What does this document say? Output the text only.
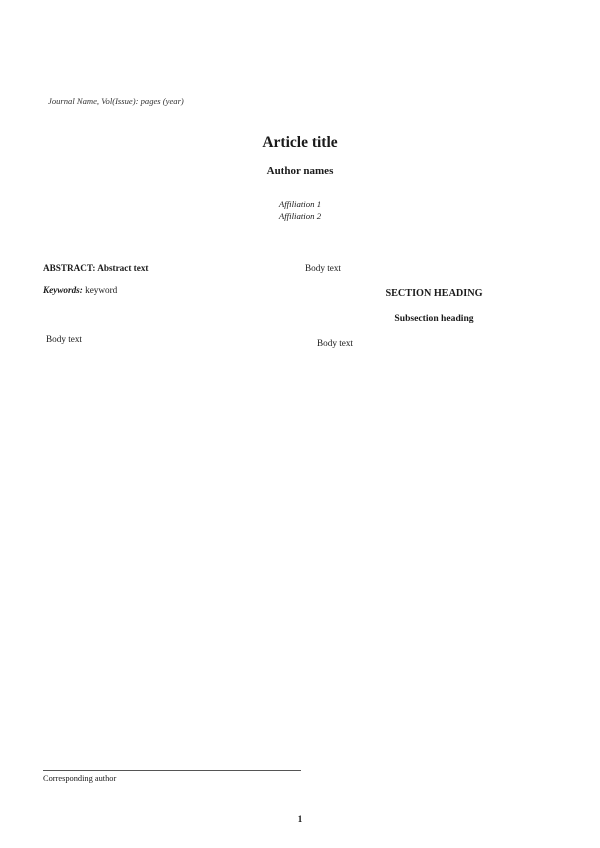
Journal Name, Vol(Issue): pages (year)
Article title
Author names
Affiliation 1
Affiliation 2

ABSTRACT: Abstract text

Keywords: keyword

Body text

Body text

SECTION HEADING

Subsection heading

Body text

Corresponding author
1
